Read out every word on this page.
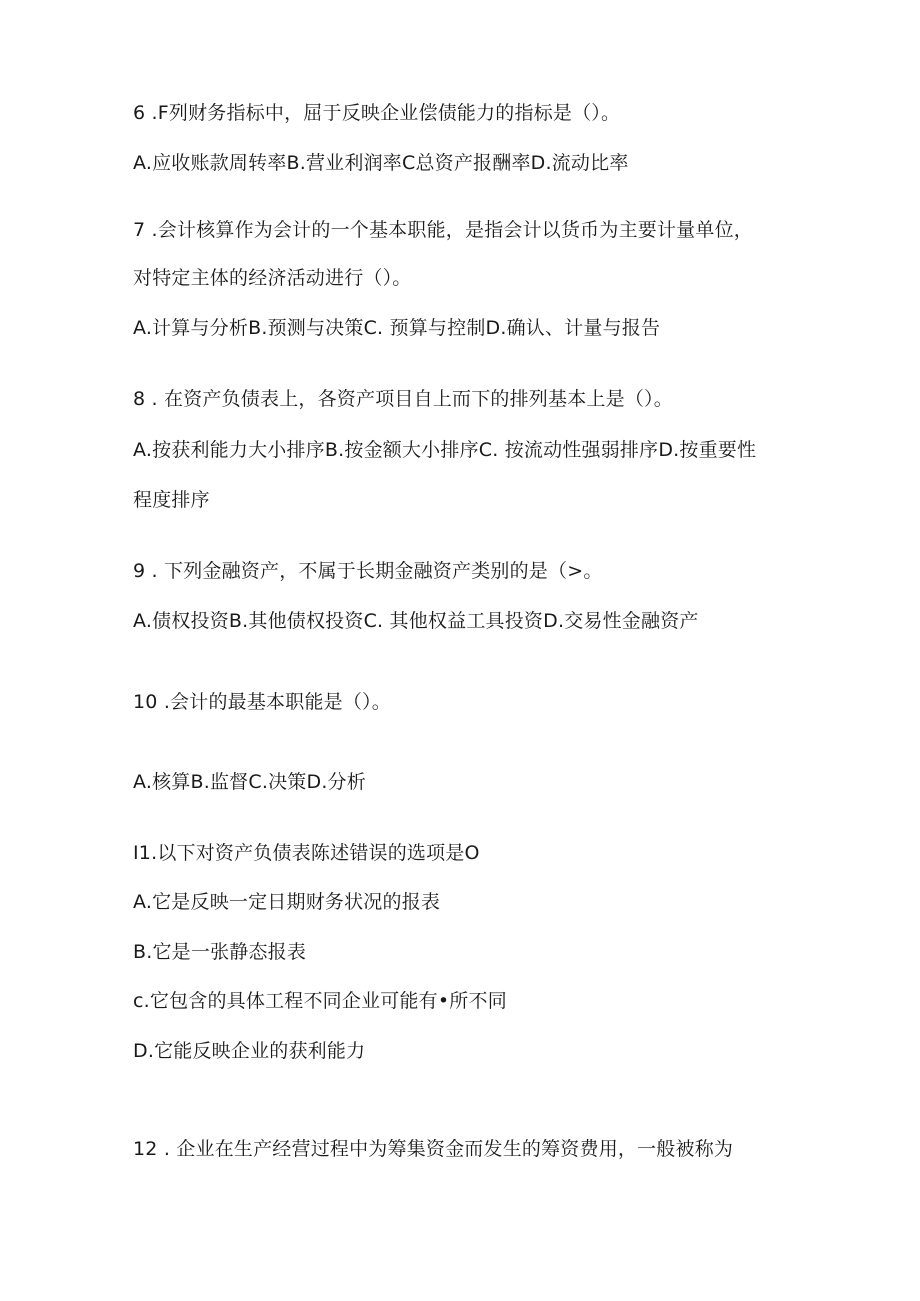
6 .F列财务指标中，屈于反映企业偿债能力的指标是（）。
A.应收账款周转率B.营业利润率C总资产报酬率D.流动比率
7 .会计核算作为会计的一个基本职能，是指会计以货币为主要计量单位，
对特定主体的经济活动进行（）。
A.计算与分析B.预测与决策C. 预算与控制D.确认、计量与报告
8 . 在资产负债表上，各资产项目自上而下的排列基本上是（）。
A.按获利能力大小排序B.按金额大小排序C. 按流动性强弱排序D.按重要性
程度排序
9 . 下列金融资产，不属于长期金融资产类别的是（>。
A.债权投资B.其他债权投资C. 其他权益工具投资D.交易性金融资产
10 .会计的最基本职能是（）。
A.核算B.监督C.决策D.分析
I1.以下对资产负债表陈述错误的选项是O
A.它是反映一定日期财务状况的报表
B.它是一张静态报表
c.它包含的具体工程不同企业可能有•所不同
D.它能反映企业的获利能力
12 . 企业在生产经营过程中为筹集资金而发生的筹资费用，一般被称为
